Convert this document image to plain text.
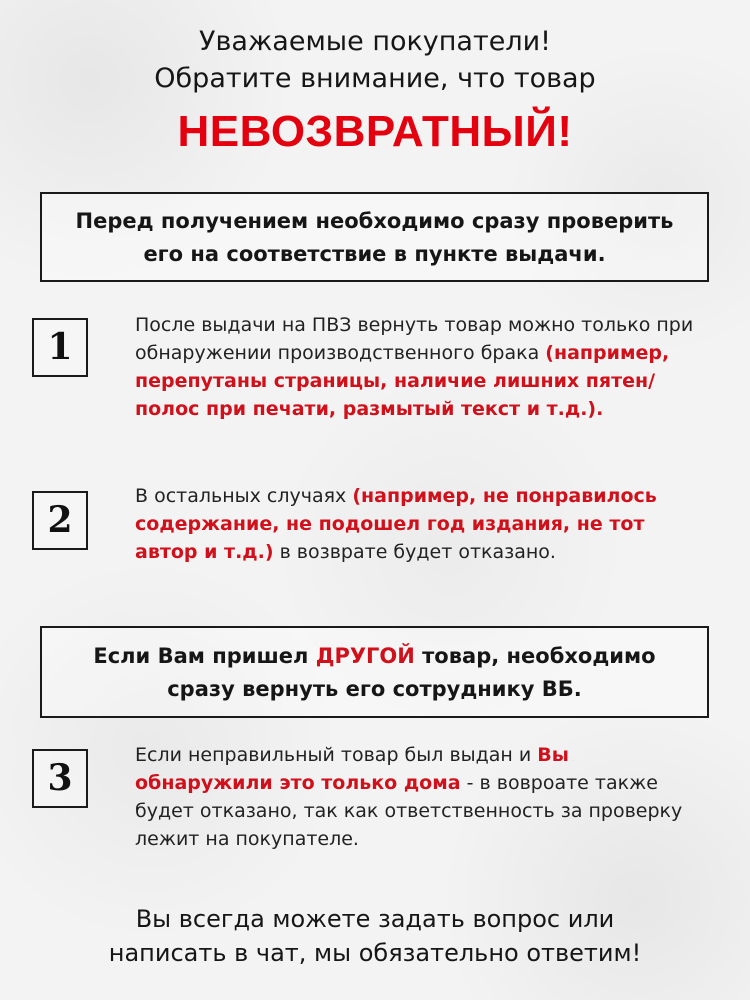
Уважаемые покупатели!
Обратите внимание, что товар
НЕВОЗВРАТНЫЙ!
Перед получением необходимо сразу проверить
его на соответствие в пункте выдачи.
1
После выдачи на ПВЗ вернуть товар можно только при обнаружении производственного брака (например, перепутаны страницы, наличие лишних пятен/полос при печати, размытый текст и т.д.).
2
В остальных случаях (например, не понравилось содержание, не подошел год издания, не тот автор и т.д.) в возврате будет отказано.
Если Вам пришел ДРУГОЙ товар, необходимо
сразу вернуть его сотруднику ВБ.
3
Если неправильный товар был выдан и Вы обнаружили это только дома - в вовроате также будет отказано, так как ответственность за проверку лежит на покупателе.
Вы всегда можете задать вопрос или
написать в чат, мы обязательно ответим!
